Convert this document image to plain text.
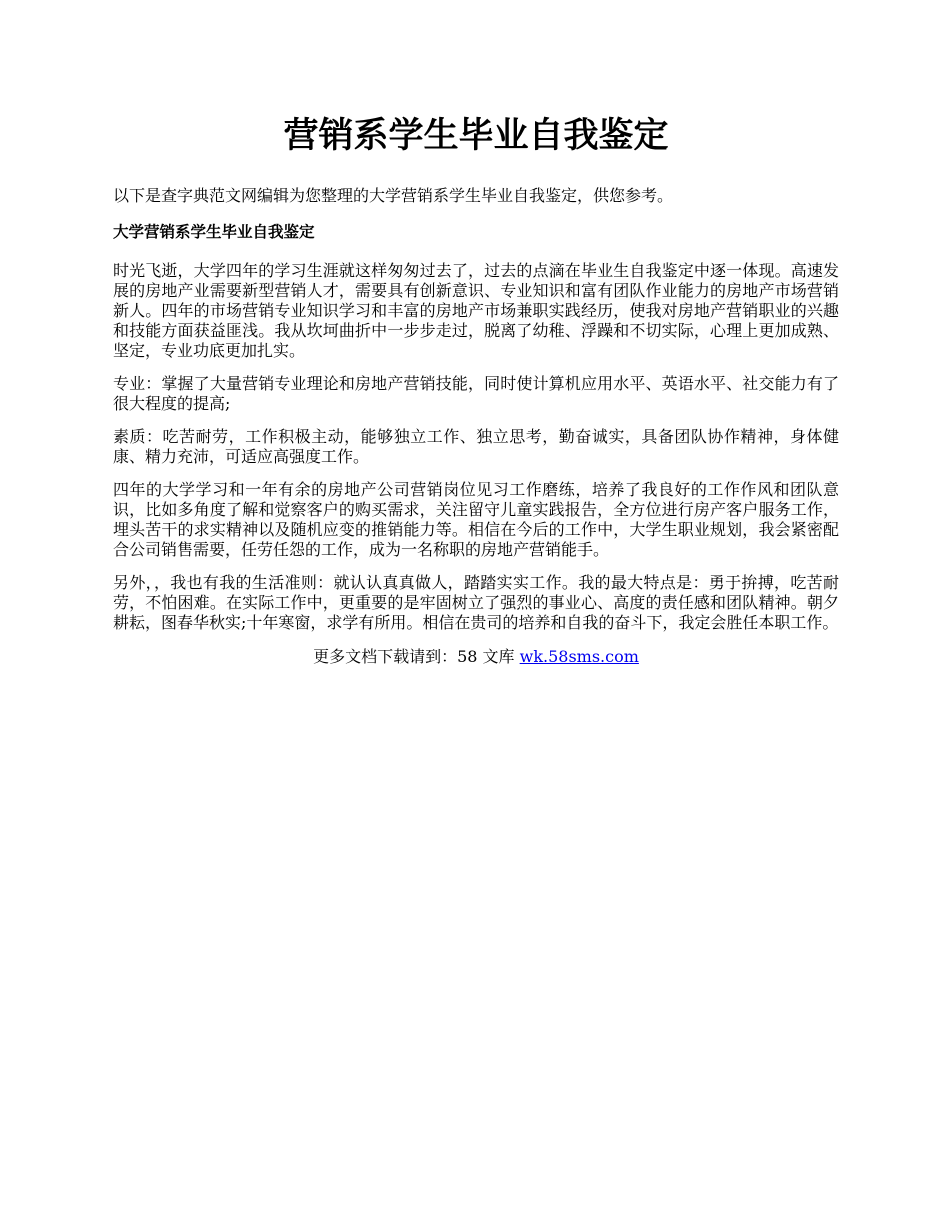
营销系学生毕业自我鉴定

以下是查字典范文网编辑为您整理的大学营销系学生毕业自我鉴定，供您参考。

大学营销系学生毕业自我鉴定

时光飞逝，大学四年的学习生涯就这样匆匆过去了，过去的点滴在毕业生自我鉴定中逐一体现。高速发展的房地产业需要新型营销人才，需要具有创新意识、专业知识和富有团队作业能力的房地产市场营销新人。四年的市场营销专业知识学习和丰富的房地产市场兼职实践经历，使我对房地产营销职业的兴趣和技能方面获益匪浅。我从坎坷曲折中一步步走过，脱离了幼稚、浮躁和不切实际，心理上更加成熟、坚定，专业功底更加扎实。

专业：掌握了大量营销专业理论和房地产营销技能，同时使计算机应用水平、英语水平、社交能力有了很大程度的提高;

素质：吃苦耐劳，工作积极主动，能够独立工作、独立思考，勤奋诚实，具备团队协作精神，身体健康、精力充沛，可适应高强度工作。

四年的大学学习和一年有余的房地产公司营销岗位见习工作磨练，培养了我良好的工作作风和团队意识，比如多角度了解和觉察客户的购买需求，关注留守儿童实践报告，全方位进行房产客户服务工作，埋头苦干的求实精神以及随机应变的推销能力等。相信在今后的工作中，大学生职业规划，我会紧密配合公司销售需要，任劳任怨的工作，成为一名称职的房地产营销能手。

另外，，我也有我的生活准则：就认认真真做人，踏踏实实工作。我的最大特点是：勇于拚搏，吃苦耐劳，不怕困难。在实际工作中，更重要的是牢固树立了强烈的事业心、高度的责任感和团队精神。朝夕耕耘，图春华秋实;十年寒窗，求学有所用。相信在贵司的培养和自我的奋斗下，我定会胜任本职工作。

更多文档下载请到：58 文库 wk.58sms.com
